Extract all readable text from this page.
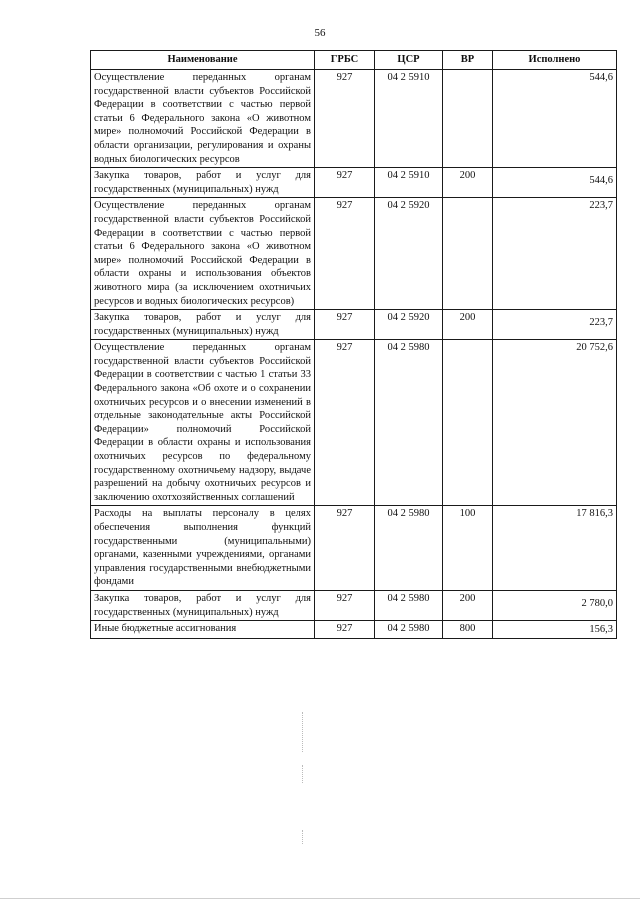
56
Наименование	ГРБС	ЦСР	ВР	Исполнено
Осуществление переданных органам государственной власти субъектов Российской Федерации в соответствии с частью первой статьи 6 Федерального закона «О животном мире» полномочий Российской Федерации в области организации, регулирования и охраны водных биологических ресурсов	927	04 2 5910		544,6
Закупка товаров, работ и услуг для государственных (муниципальных) нужд	927	04 2 5910	200	544,6
Осуществление переданных органам государственной власти субъектов Российской Федерации в соответствии с частью первой статьи 6 Федерального закона «О животном мире» полномочий Российской Федерации в области охраны и использования объектов животного мира (за исключением охотничьих ресурсов и водных биологических ресурсов)	927	04 2 5920		223,7
Закупка товаров, работ и услуг для государственных (муниципальных) нужд	927	04 2 5920	200	223,7
Осуществление переданных органам государственной власти субъектов Российской Федерации в соответствии с частью 1 статьи 33 Федерального закона «Об охоте и о сохранении охотничьих ресурсов и о внесении изменений в отдельные законодательные акты Российской Федерации» полномочий Российской Федерации в области охраны и использования охотничьих ресурсов по федеральному государственному охотничьему надзору, выдаче разрешений на добычу охотничьих ресурсов и заключению охотхозяйственных соглашений	927	04 2 5980		20 752,6
Расходы на выплаты персоналу в целях обеспечения выполнения функций государственными (муниципальными) органами, казенными учреждениями, органами управления государственными внебюджетными фондами	927	04 2 5980	100	17 816,3
Закупка товаров, работ и услуг для государственных (муниципальных) нужд	927	04 2 5980	200	2 780,0
Иные бюджетные ассигнования	927	04 2 5980	800	156,3
